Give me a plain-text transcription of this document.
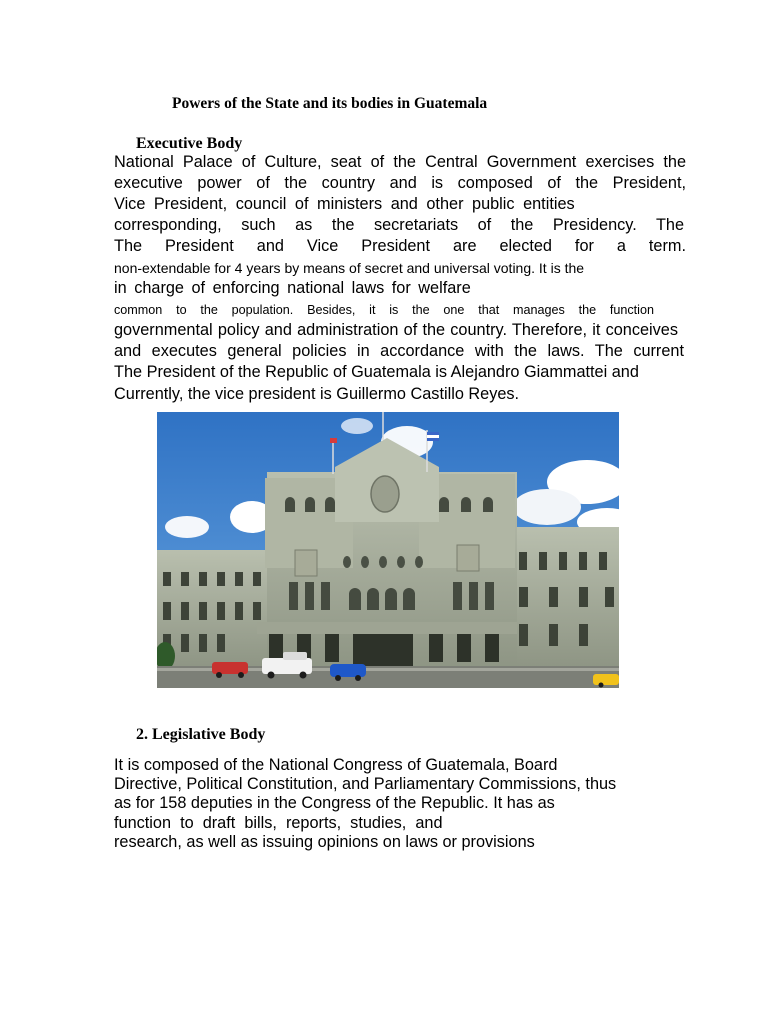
Powers of the State and its bodies in Guatemala
Executive Body
National Palace of Culture, seat of the Central Government exercises the
executive power of the country and is composed of the President,
Vice President, council of ministers and other public entities
corresponding, such as the secretariats of the Presidency. The
The President and Vice President are elected for a term.
non-extendable for 4 years by means of secret and universal voting. It is the
in charge of enforcing national laws for welfare
common to the population. Besides, it is the one that manages the function
governmental policy and administration of the country. Therefore, it conceives
and executes general policies in accordance with the laws. The current
The President of the Republic of Guatemala is Alejandro Giammattei and
Currently, the vice president is Guillermo Castillo Reyes.
2. Legislative Body
It is composed of the National Congress of Guatemala, Board
Directive, Political Constitution, and Parliamentary Commissions, thus
as for 158 deputies in the Congress of the Republic. It has as
function  to  draft  bills,  reports,  studies,  and
research, as well as issuing opinions on laws or provisions
